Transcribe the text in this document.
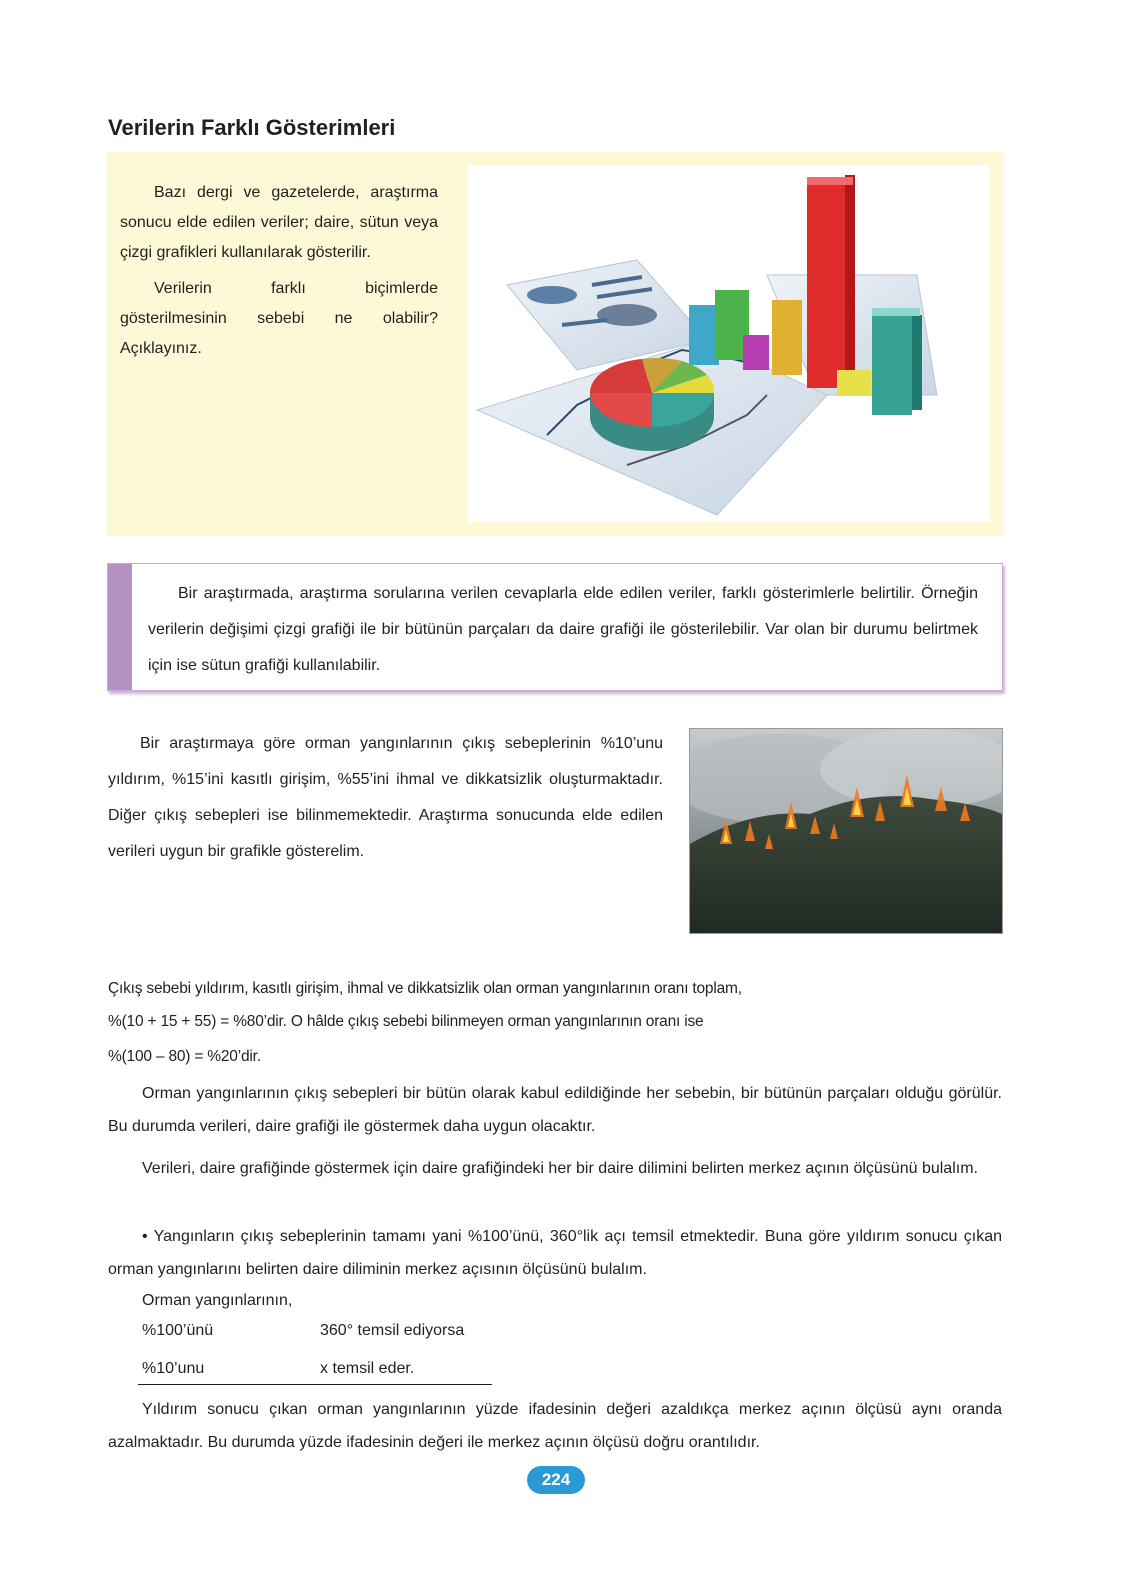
Verilerin Farklı Gösterimleri

Bazı dergi ve gazetelerde, araştırma sonucu elde edilen veriler; daire, sütun veya çizgi grafikleri kullanılarak gösterilir.

Verilerin farklı biçimlerde gösterilmesinin sebebi ne olabilir? Açıklayınız.

Bir araştırmada, araştırma sorularına verilen cevaplarla elde edilen veriler, farklı gösterimlerle belirtilir. Örneğin verilerin değişimi çizgi grafiği ile bir bütünün parçaları da daire grafiği ile gösterilebilir. Var olan bir durumu belirtmek için ise sütun grafiği kullanılabilir.

Bir araştırmaya göre orman yangınlarının çıkış sebeplerinin %10’unu yıldırım, %15’ini kasıtlı girişim, %55’ini ihmal ve dikkatsizlik oluşturmaktadır. Diğer çıkış sebepleri ise bilinmemektedir. Araştırma sonucunda elde edilen verileri uygun bir grafikle gösterelim.

Çıkış sebebi yıldırım, kasıtlı girişim, ihmal ve dikkatsizlik olan orman yangınlarının oranı toplam,
%(10 + 15 + 55) = %80’dir. O hâlde çıkış sebebi bilinmeyen orman yangınlarının oranı ise
%(100 – 80) = %20’dir.

Orman yangınlarının çıkış sebepleri bir bütün olarak kabul edildiğinde her sebebin, bir bütünün parçaları olduğu görülür. Bu durumda verileri, daire grafiği ile göstermek daha uygun olacaktır.

Verileri, daire grafiğinde göstermek için daire grafiğindeki her bir daire dilimini belirten merkez açının ölçüsünü bulalım.

• Yangınların çıkış sebeplerinin tamamı yani %100’ünü, 360°lik açı temsil etmektedir. Buna göre yıldırım sonucu çıkan orman yangınlarını belirten daire diliminin merkez açısının ölçüsünü bulalım.

Orman yangınlarının,

%100’ünü	360° temsil ediyorsa
%10’unu	x temsil eder.

Yıldırım sonucu çıkan orman yangınlarının yüzde ifadesinin değeri azaldıkça merkez açının ölçüsü aynı oranda azalmaktadır. Bu durumda yüzde ifadesinin değeri ile merkez açının ölçüsü doğru orantılıdır.

224
